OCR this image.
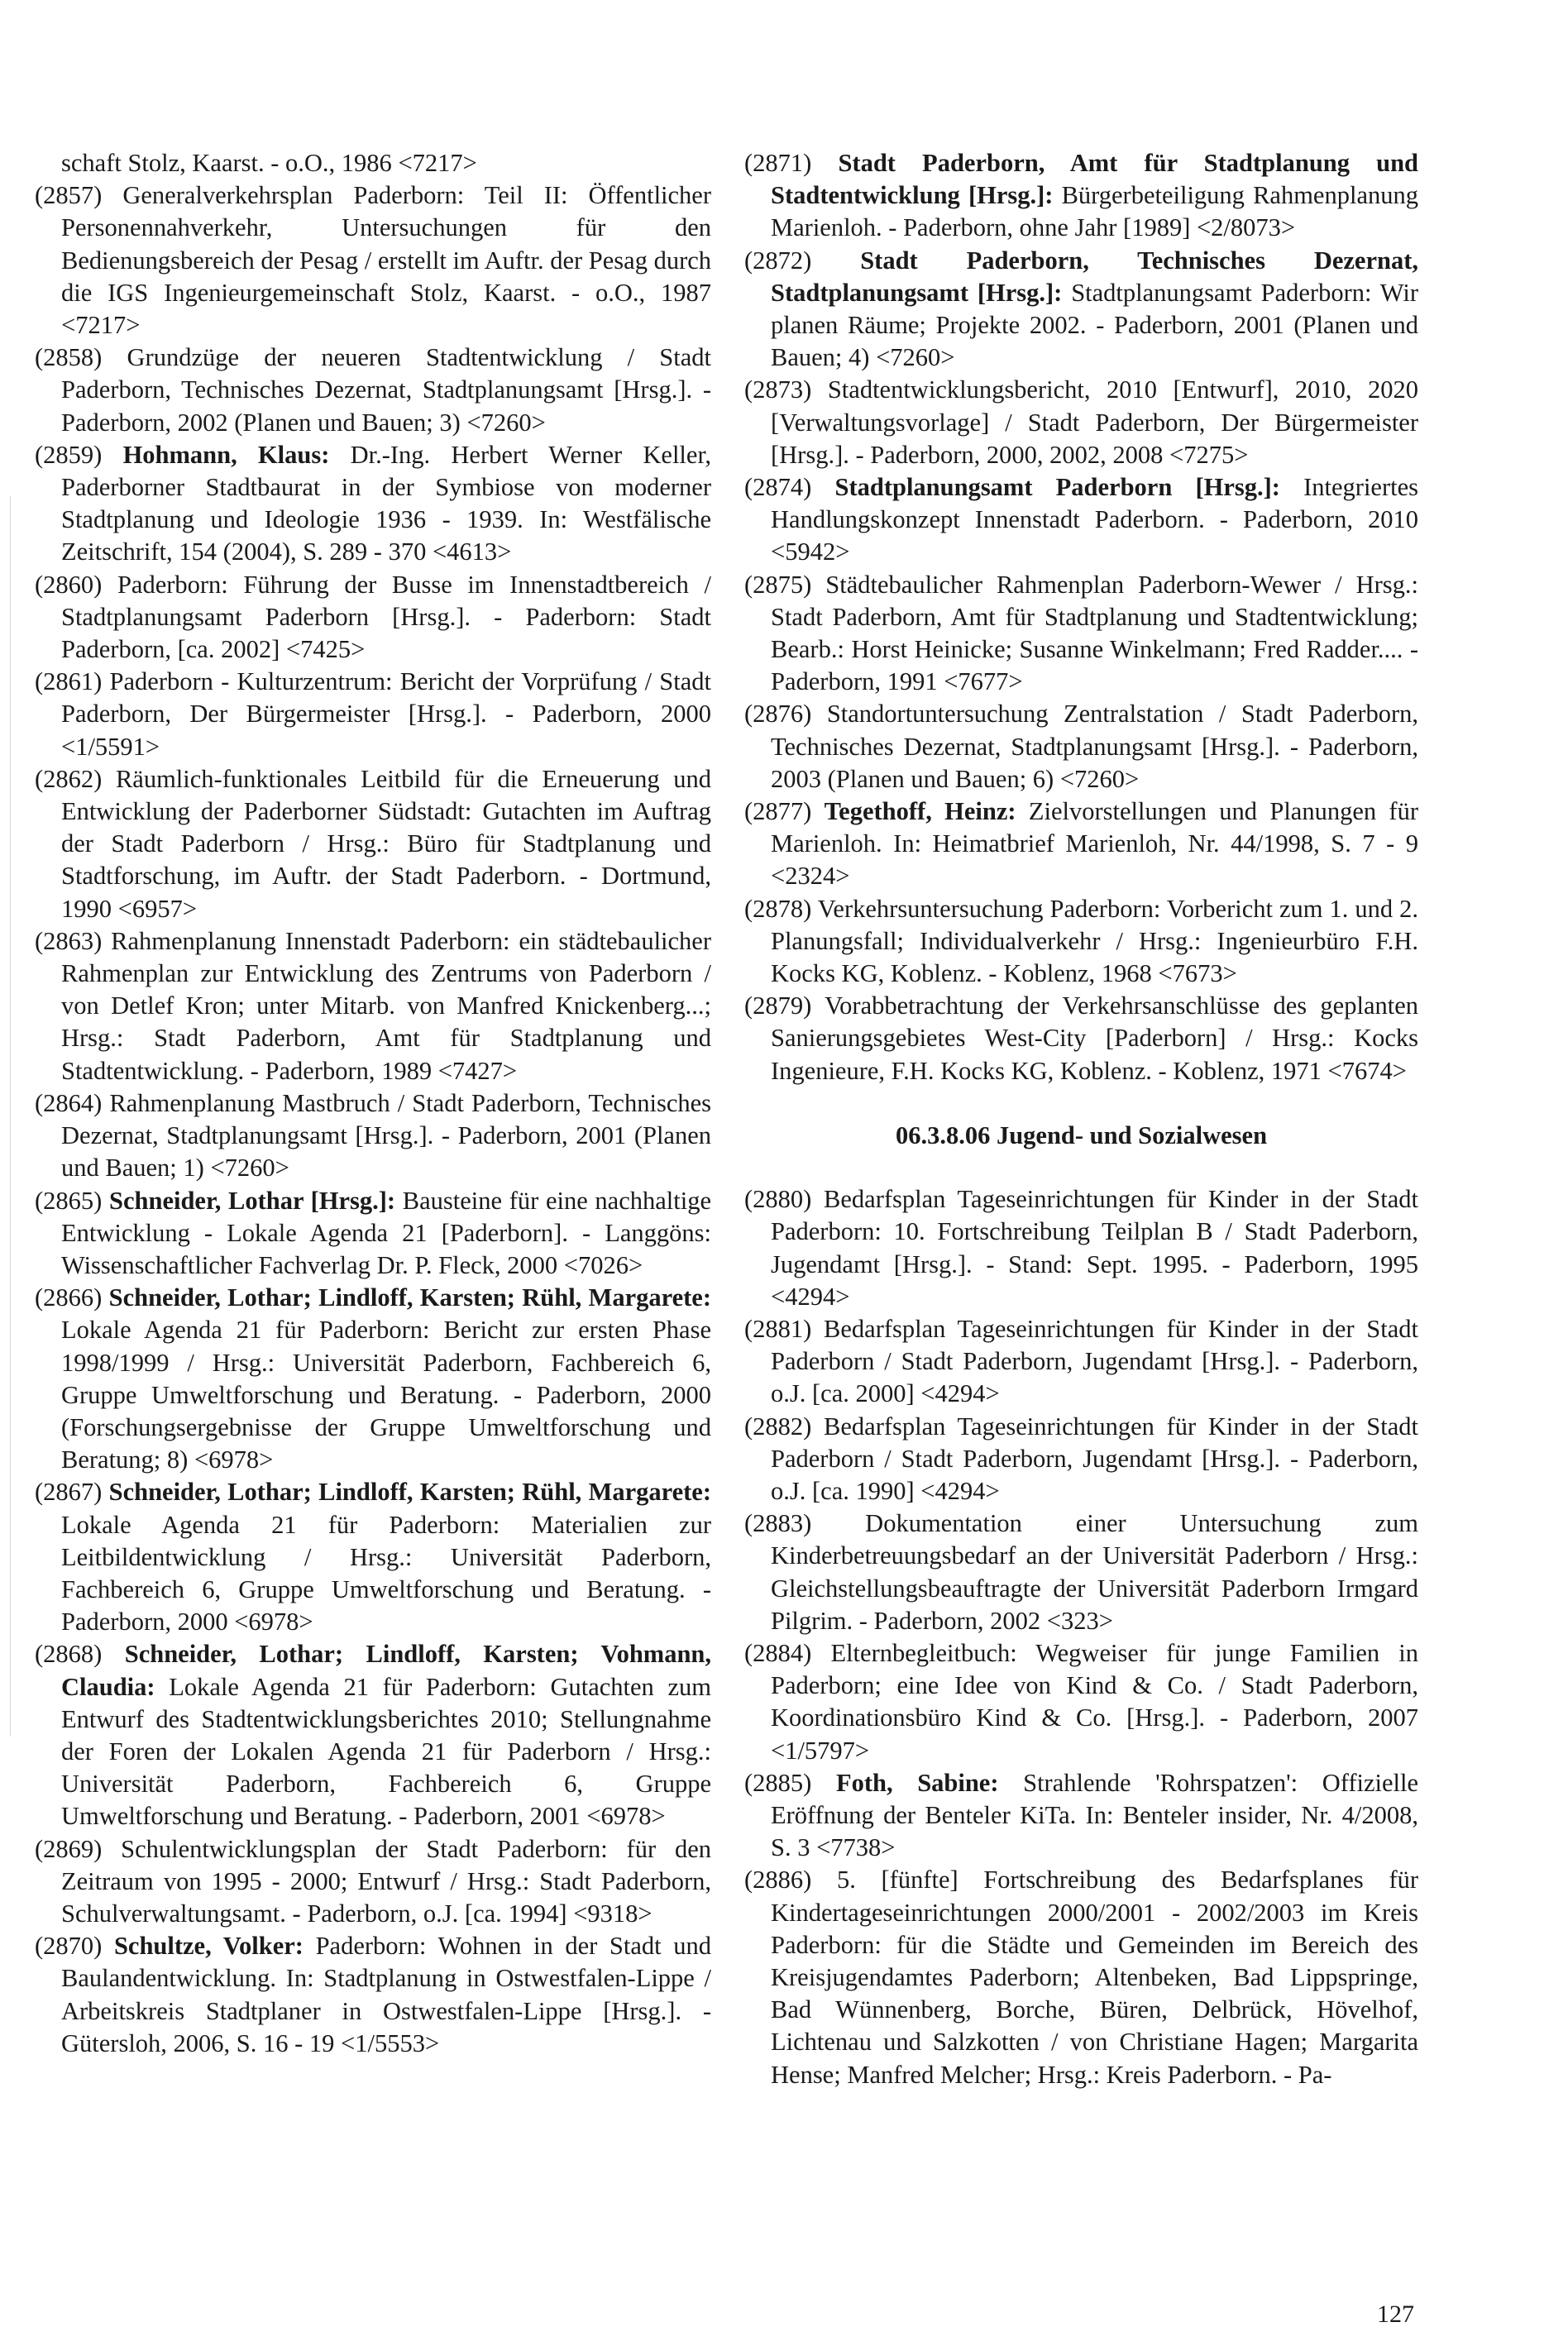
schaft Stolz, Kaarst. - o.O., 1986 <7217>

(2857) Generalverkehrsplan Paderborn: Teil II: Öffentlicher Personennahverkehr, Untersuchungen für den Bedienungsbereich der Pesag / erstellt im Auftr. der Pesag durch die IGS Ingenieurgemeinschaft Stolz, Kaarst. - o.O., 1987 <7217>

(2858) Grundzüge der neueren Stadtentwicklung / Stadt Paderborn, Technisches Dezernat, Stadtplanungsamt [Hrsg.]. - Paderborn, 2002 (Planen und Bauen; 3) <7260>

(2859) Hohmann, Klaus: Dr.-Ing. Herbert Werner Keller, Paderborner Stadtbaurat in der Symbiose von moderner Stadtplanung und Ideologie 1936 - 1939. In: Westfälische Zeitschrift, 154 (2004), S. 289 - 370 <4613>

(2860) Paderborn: Führung der Busse im Innenstadtbereich / Stadtplanungsamt Paderborn [Hrsg.]. - Paderborn: Stadt Paderborn, [ca. 2002] <7425>

(2861) Paderborn - Kulturzentrum: Bericht der Vorprüfung / Stadt Paderborn, Der Bürgermeister [Hrsg.]. - Paderborn, 2000 <1/5591>

(2862) Räumlich-funktionales Leitbild für die Erneuerung und Entwicklung der Paderborner Südstadt: Gutachten im Auftrag der Stadt Paderborn / Hrsg.: Büro für Stadtplanung und Stadtforschung, im Auftr. der Stadt Paderborn. - Dortmund, 1990 <6957>

(2863) Rahmenplanung Innenstadt Paderborn: ein städtebaulicher Rahmenplan zur Entwicklung des Zentrums von Paderborn / von Detlef Kron; unter Mitarb. von Manfred Knickenberg...; Hrsg.: Stadt Paderborn, Amt für Stadtplanung und Stadtentwicklung. - Paderborn, 1989 <7427>

(2864) Rahmenplanung Mastbruch / Stadt Paderborn, Technisches Dezernat, Stadtplanungsamt [Hrsg.]. - Paderborn, 2001 (Planen und Bauen; 1) <7260>

(2865) Schneider, Lothar [Hrsg.]: Bausteine für eine nachhaltige Entwicklung - Lokale Agenda 21 [Paderborn]. - Langgöns: Wissenschaftlicher Fachverlag Dr. P. Fleck, 2000 <7026>

(2866) Schneider, Lothar; Lindloff, Karsten; Rühl, Margarete: Lokale Agenda 21 für Paderborn: Bericht zur ersten Phase 1998/1999 / Hrsg.: Universität Paderborn, Fachbereich 6, Gruppe Umweltforschung und Beratung. - Paderborn, 2000 (Forschungsergebnisse der Gruppe Umweltforschung und Beratung; 8) <6978>

(2867) Schneider, Lothar; Lindloff, Karsten; Rühl, Margarete: Lokale Agenda 21 für Paderborn: Materialien zur Leitbildentwicklung / Hrsg.: Universität Paderborn, Fachbereich 6, Gruppe Umweltforschung und Beratung. - Paderborn, 2000 <6978>

(2868) Schneider, Lothar; Lindloff, Karsten; Vohmann, Claudia: Lokale Agenda 21 für Paderborn: Gutachten zum Entwurf des Stadtentwicklungsberichtes 2010; Stellungnahme der Foren der Lokalen Agenda 21 für Paderborn / Hrsg.: Universität Paderborn, Fachbereich 6, Gruppe Umweltforschung und Beratung. - Paderborn, 2001 <6978>

(2869) Schulentwicklungsplan der Stadt Paderborn: für den Zeitraum von 1995 - 2000; Entwurf / Hrsg.: Stadt Paderborn, Schulverwaltungsamt. - Paderborn, o.J. [ca. 1994] <9318>

(2870) Schultze, Volker: Paderborn: Wohnen in der Stadt und Baulandentwicklung. In: Stadtplanung in Ostwestfalen-Lippe / Arbeitskreis Stadtplaner in Ostwestfalen-Lippe [Hrsg.]. - Gütersloh, 2006, S. 16 - 19 <1/5553>

(2871) Stadt Paderborn, Amt für Stadtplanung und Stadtentwicklung [Hrsg.]: Bürgerbeteiligung Rahmenplanung Marienloh. - Paderborn, ohne Jahr [1989] <2/8073>

(2872) Stadt Paderborn, Technisches Dezernat, Stadtplanungsamt [Hrsg.]: Stadtplanungsamt Paderborn: Wir planen Räume; Projekte 2002. - Paderborn, 2001 (Planen und Bauen; 4) <7260>

(2873) Stadtentwicklungsbericht, 2010 [Entwurf], 2010, 2020 [Verwaltungsvorlage] / Stadt Paderborn, Der Bürgermeister [Hrsg.]. - Paderborn, 2000, 2002, 2008 <7275>

(2874) Stadtplanungsamt Paderborn [Hrsg.]: Integriertes Handlungskonzept Innenstadt Paderborn. - Paderborn, 2010 <5942>

(2875) Städtebaulicher Rahmenplan Paderborn-Wewer / Hrsg.: Stadt Paderborn, Amt für Stadtplanung und Stadtentwicklung; Bearb.: Horst Heinicke; Susanne Winkelmann; Fred Radder.... - Paderborn, 1991 <7677>

(2876) Standortuntersuchung Zentralstation / Stadt Paderborn, Technisches Dezernat, Stadtplanungsamt [Hrsg.]. - Paderborn, 2003 (Planen und Bauen; 6) <7260>

(2877) Tegethoff, Heinz: Zielvorstellungen und Planungen für Marienloh. In: Heimatbrief Marienloh, Nr. 44/1998, S. 7 - 9 <2324>

(2878) Verkehrsuntersuchung Paderborn: Vorbericht zum 1. und 2. Planungsfall; Individualverkehr / Hrsg.: Ingenieurbüro F.H. Kocks KG, Koblenz. - Koblenz, 1968 <7673>

(2879) Vorabbetrachtung der Verkehrsanschlüsse des geplanten Sanierungsgebietes West-City [Paderborn] / Hrsg.: Kocks Ingenieure, F.H. Kocks KG, Koblenz. - Koblenz, 1971 <7674>

06.3.8.06 Jugend- und Sozialwesen

(2880) Bedarfsplan Tageseinrichtungen für Kinder in der Stadt Paderborn: 10. Fortschreibung Teilplan B / Stadt Paderborn, Jugendamt [Hrsg.]. - Stand: Sept. 1995. - Paderborn, 1995 <4294>

(2881) Bedarfsplan Tageseinrichtungen für Kinder in der Stadt Paderborn / Stadt Paderborn, Jugendamt [Hrsg.]. - Paderborn, o.J. [ca. 2000] <4294>

(2882) Bedarfsplan Tageseinrichtungen für Kinder in der Stadt Paderborn / Stadt Paderborn, Jugendamt [Hrsg.]. - Paderborn, o.J. [ca. 1990] <4294>

(2883) Dokumentation einer Untersuchung zum Kinderbetreuungsbedarf an der Universität Paderborn / Hrsg.: Gleichstellungsbeauftragte der Universität Paderborn Irmgard Pilgrim. - Paderborn, 2002 <323>

(2884) Elternbegleitbuch: Wegweiser für junge Familien in Paderborn; eine Idee von Kind & Co. / Stadt Paderborn, Koordinationsbüro Kind & Co. [Hrsg.]. - Paderborn, 2007 <1/5797>

(2885) Foth, Sabine: Strahlende 'Rohrspatzen': Offizielle Eröffnung der Benteler KiTa. In: Benteler insider, Nr. 4/2008, S. 3 <7738>

(2886) 5. [fünfte] Fortschreibung des Bedarfsplanes für Kindertageseinrichtungen 2000/2001 - 2002/2003 im Kreis Paderborn: für die Städte und Gemeinden im Bereich des Kreisjugendamtes Paderborn; Altenbeken, Bad Lippspringe, Bad Wünnenberg, Borche, Büren, Delbrück, Hövelhof, Lichtenau und Salzkotten / von Christiane Hagen; Margarita Hense; Manfred Melcher; Hrsg.: Kreis Paderborn. - Pa-

127
